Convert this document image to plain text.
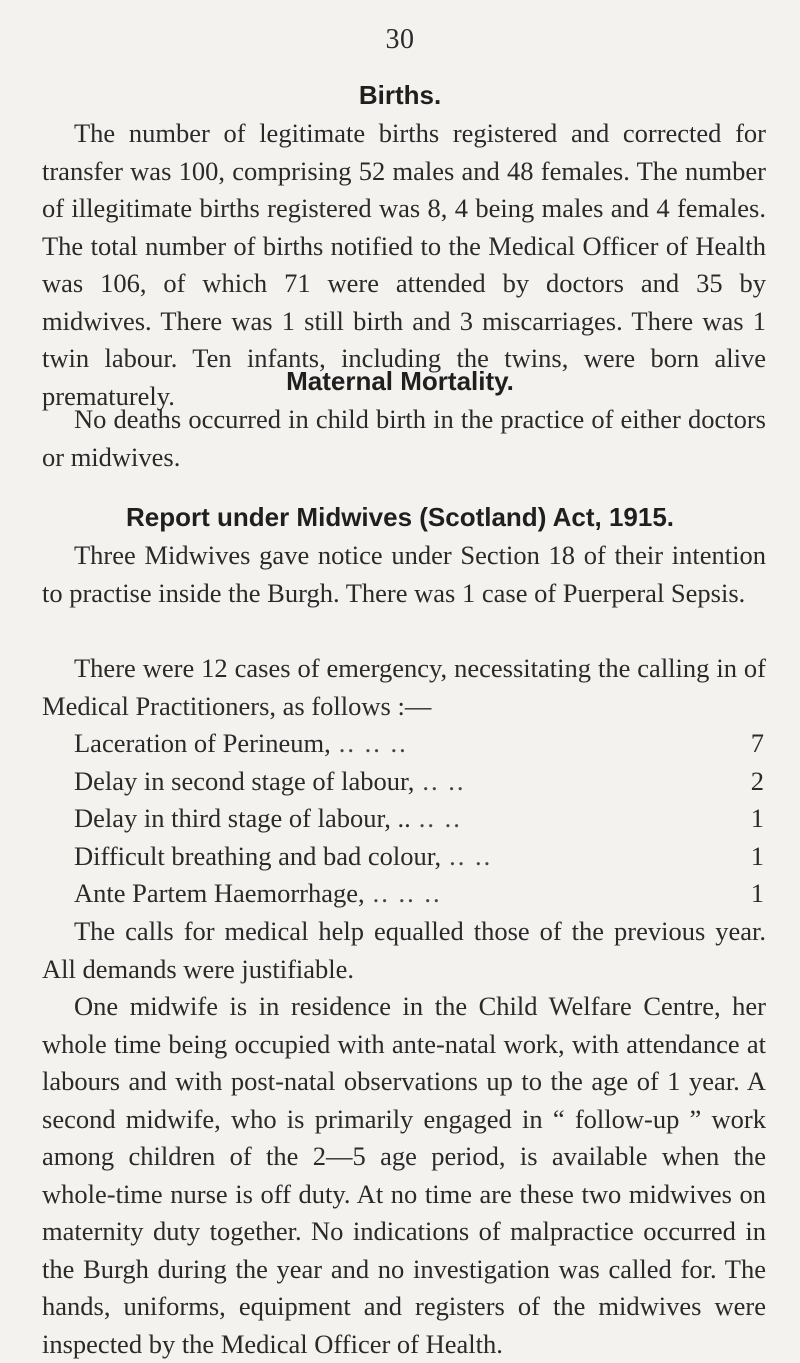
30
Births.

The number of legitimate births registered and corrected for transfer was 100, comprising 52 males and 48 females. The number of illegitimate births registered was 8, 4 being males and 4 females. The total number of births notified to the Medical Officer of Health was 106, of which 71 were attended by doctors and 35 by midwives. There was 1 still birth and 3 miscarriages. There was 1 twin labour. Ten infants, including the twins, were born alive prematurely.	Maternal Mortality.

No deaths occurred in child birth in the practice of either doctors or midwives.

Report under Midwives (Scotland) Act, 1915.

Three Midwives gave notice under Section 18 of their intention to practise inside the Burgh. There was 1 case of Puerperal Sepsis.

There were 12 cases of emergency, necessitating the calling in of Medical Practitioners, as follows :—

Laceration of Perineum, .. .. ..	7
Delay in second stage of labour, .. ..	2
Delay in third stage of labour, .. .. ..	1
Difficult breathing and bad colour, .. ..	1
Ante Partem Haemorrhage, .. .. ..	1

The calls for medical help equalled those of the previous year. All demands were justifiable.

One midwife is in residence in the Child Welfare Centre, her whole time being occupied with ante-natal work, with attendance at labours and with post-natal observations up to the age of 1 year. A second midwife, who is primarily engaged in “ follow-up ” work among children of the 2—5 age period, is available when the whole-time nurse is off duty. At no time are these two midwives on maternity duty together. No indications of malpractice occurred in the Burgh during the year and no investigation was called for. The hands, uniforms, equipment and registers of the midwives were inspected by the Medical Officer of Health.
